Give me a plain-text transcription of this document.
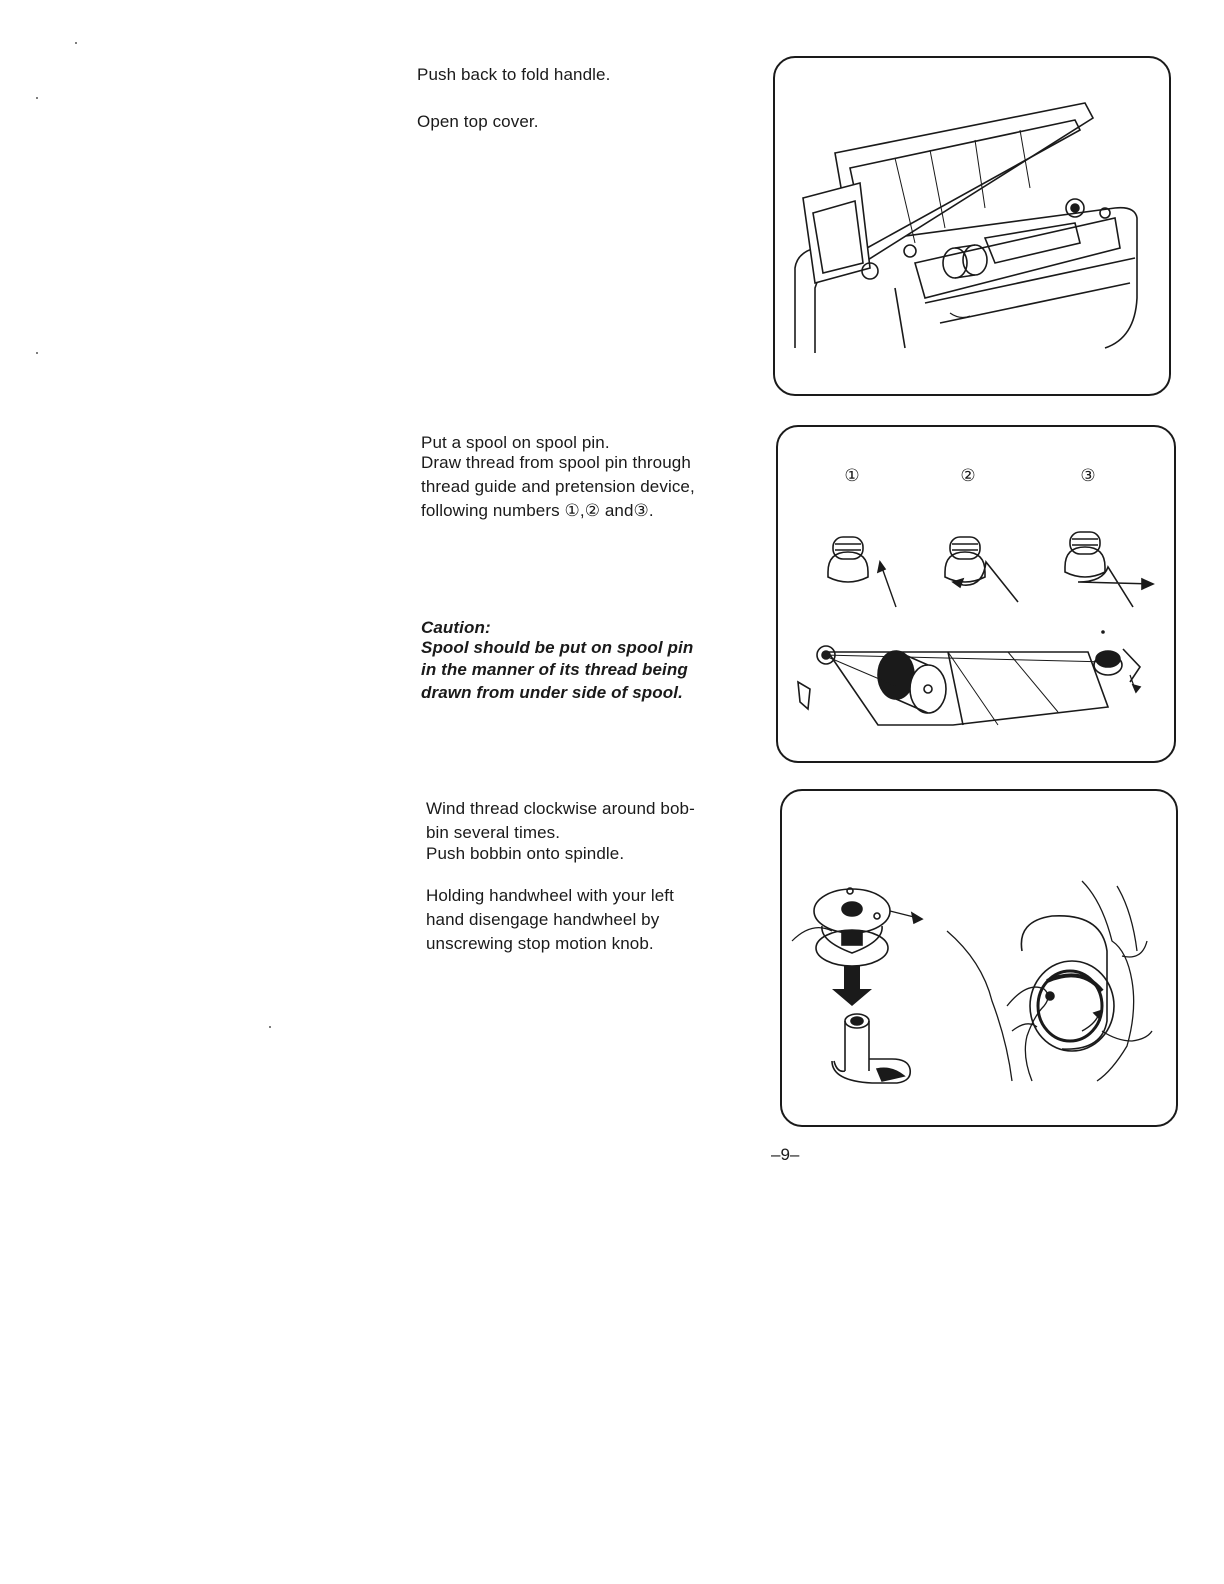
Push back to fold handle.
Open top cover.
Put a spool on spool pin.
Draw thread from spool pin through
thread guide and pretension device,
following numbers ①,② and③.
Caution:
Spool should be put on spool pin
in the manner of its thread being
drawn from under side of spool.
①	②	③
Wind thread clockwise around bob-
bin several times.
Push bobbin onto spindle.
Holding handwheel with your left
hand disengage handwheel by
unscrewing stop motion knob.
–9–
